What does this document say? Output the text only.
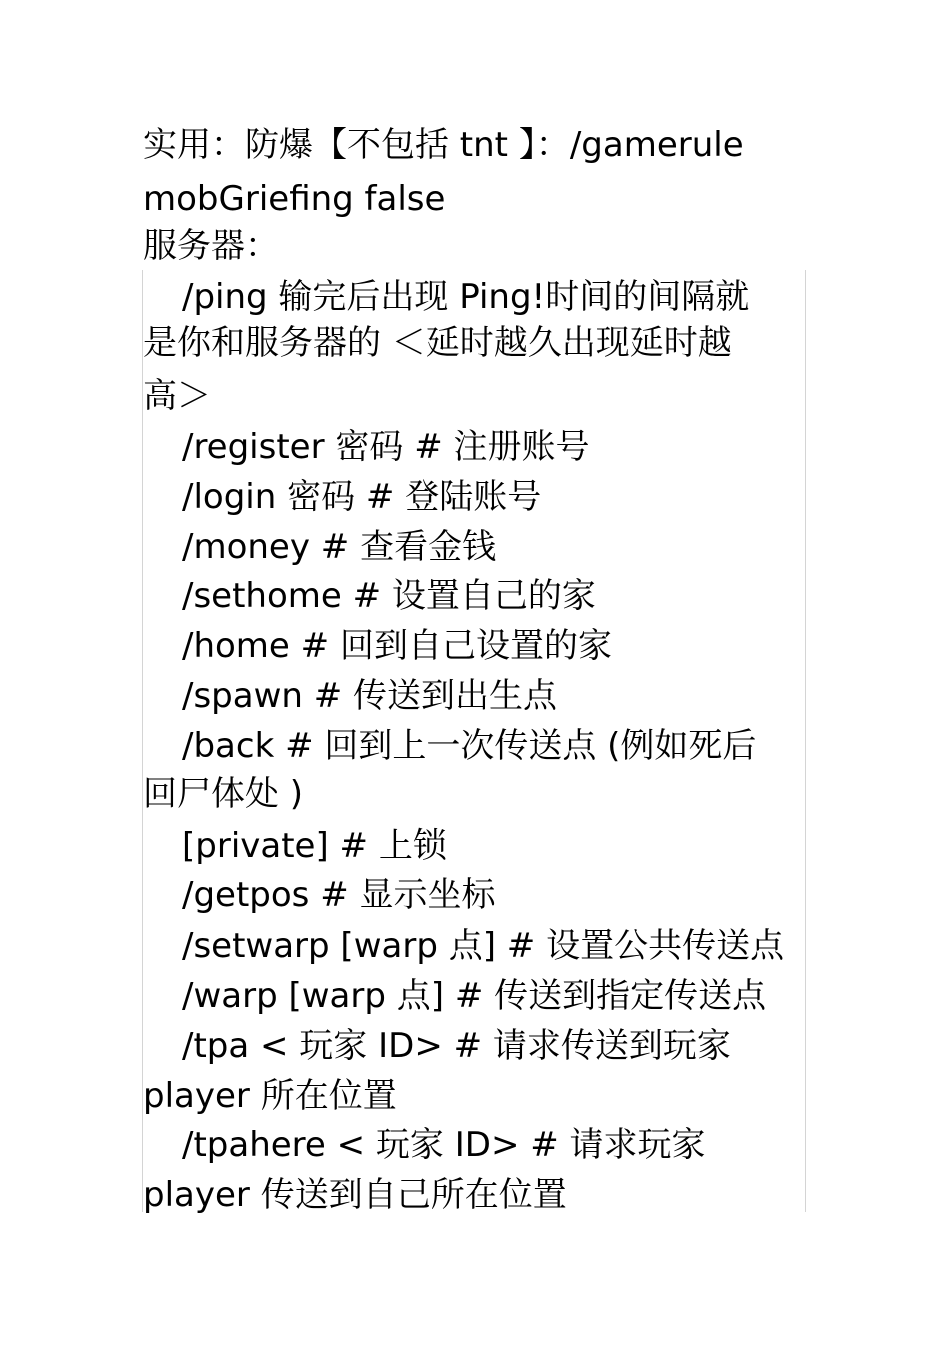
实用：防爆【不包括 tnt 】：/gamerule
mobGriefing false
服务器：
/ping 输完后出现 Ping!时间的间隔就
是你和服务器的 ＜延时越久出现延时越
高＞
/register 密码 # 注册账号
/login 密码 # 登陆账号
/money # 查看金钱
/sethome # 设置自己的家
/home # 回到自己设置的家
/spawn # 传送到出生点
/back # 回到上一次传送点 (例如死后
回尸体处 )
[private] # 上锁
/getpos # 显示坐标
/setwarp [warp 点] # 设置公共传送点
/warp [warp 点] # 传送到指定传送点
/tpa < 玩家 ID> # 请求传送到玩家
player 所在位置
/tpahere < 玩家 ID> # 请求玩家
player 传送到自己所在位置
